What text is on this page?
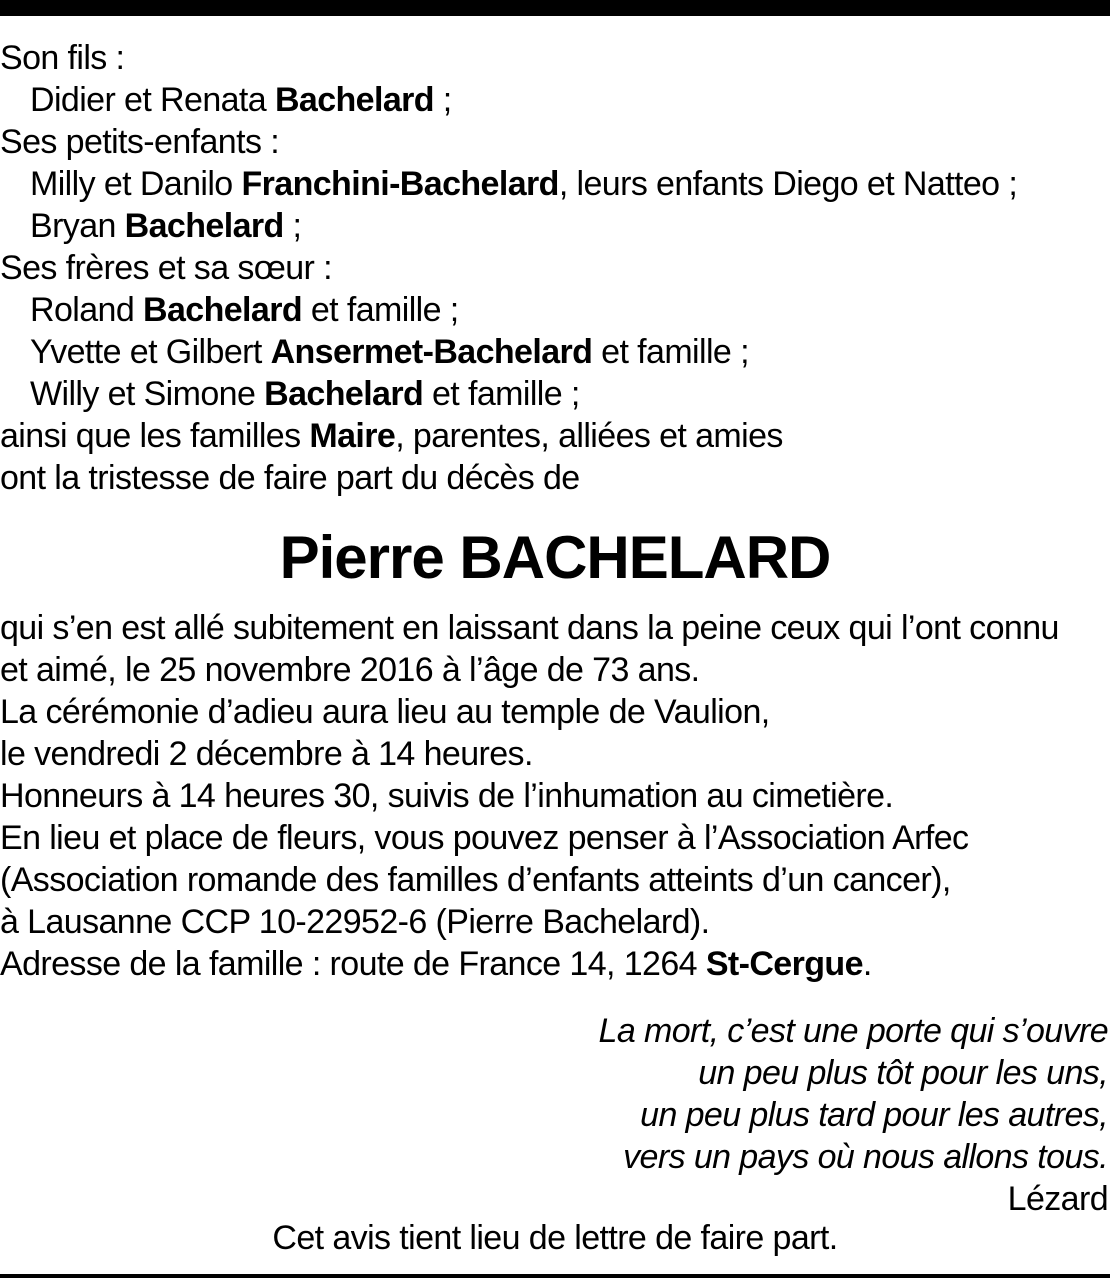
Son fils :
Didier et Renata Bachelard ;
Ses petits-enfants :
Milly et Danilo Franchini-Bachelard, leurs enfants Diego et Natteo ;
Bryan Bachelard ;
Ses frères et sa sœur :
Roland Bachelard et famille ;
Yvette et Gilbert Ansermet-Bachelard et famille ;
Willy et Simone Bachelard et famille ;
ainsi que les familles Maire, parentes, alliées et amies
ont la tristesse de faire part du décès de
Pierre BACHELARD
qui s’en est allé subitement en laissant dans la peine ceux qui l’ont connu
et aimé, le 25 novembre 2016 à l’âge de 73 ans.
La cérémonie d’adieu aura lieu au temple de Vaulion,
le vendredi 2 décembre à 14 heures.
Honneurs à 14 heures 30, suivis de l’inhumation au cimetière.
En lieu et place de fleurs, vous pouvez penser à l’Association Arfec
(Association romande des familles d’enfants atteints d’un cancer),
à Lausanne CCP 10-22952-6 (Pierre Bachelard).
Adresse de la famille : route de France 14, 1264 St-Cergue.
La mort, c’est une porte qui s’ouvre
un peu plus tôt pour les uns,
un peu plus tard pour les autres,
vers un pays où nous allons tous.
Lézard
Cet avis tient lieu de lettre de faire part.
